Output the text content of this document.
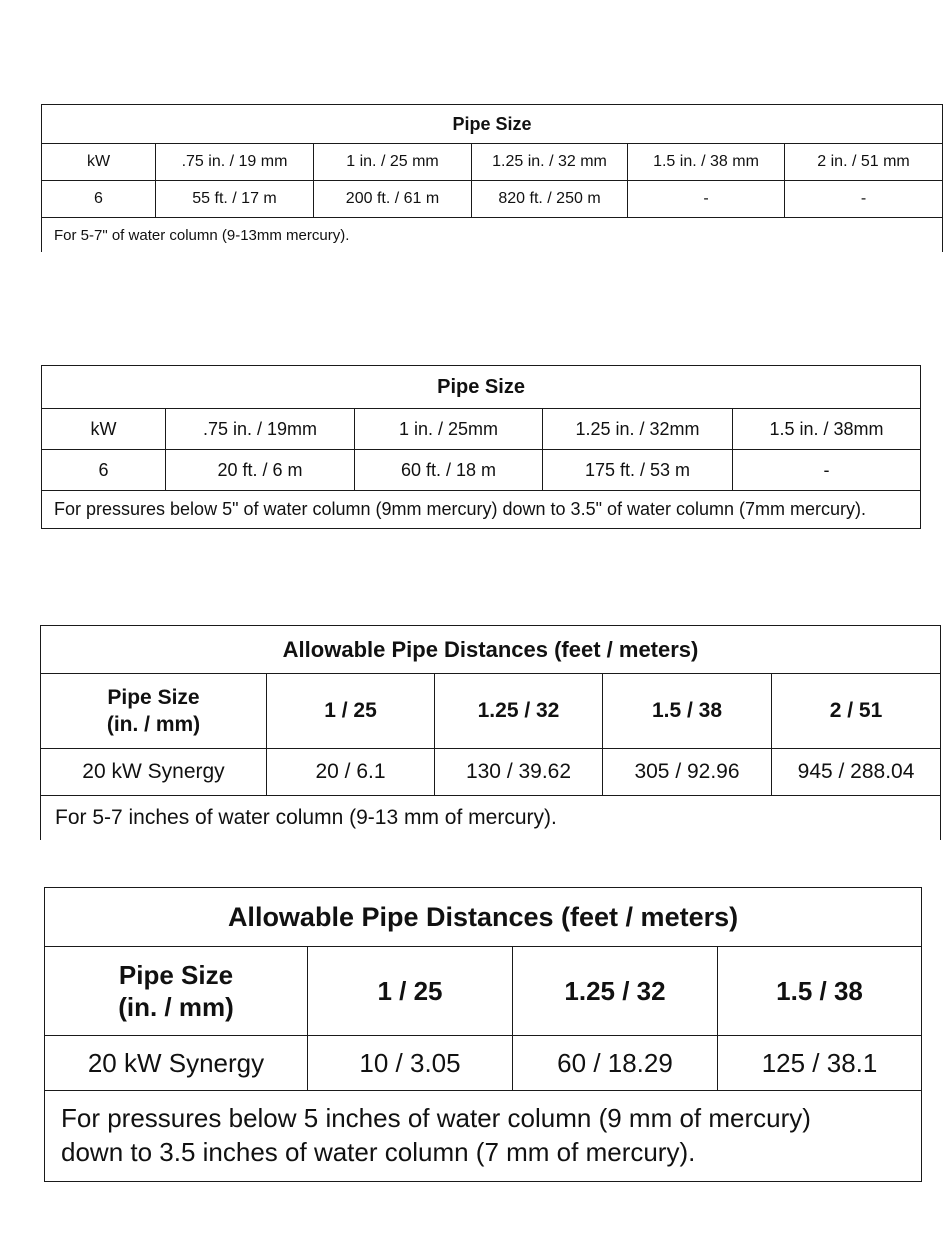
Pipe Size					
kW	.75 in. / 19 mm	1 in. / 25 mm	1.25 in. / 32 mm	1.5 in. / 38 mm	2 in. / 51 mm
6	55 ft. / 17 m	200 ft. / 61 m	820 ft. / 250 m	-	-
For 5-7" of water column (9-13mm mercury).					
Pipe Size				
kW	.75 in. / 19mm	1 in. / 25mm	1.25 in. / 32mm	1.5 in. / 38mm
6	20 ft. / 6 m	60 ft. / 18 m	175 ft. / 53 m	-
For pressures below 5" of water column (9mm mercury) down to 3.5" of water column (7mm mercury).				
Allowable Pipe Distances (feet / meters)				

Pipe Size
(in. / mm)	1 / 25	1.25 / 32	1.5 / 38	2 / 51
20 kW Synergy	20 / 6.1	130 / 39.62	305 / 92.96	945 / 288.04
For 5-7 inches of water column (9-13 mm of mercury).				
Allowable Pipe Distances (feet / meters)			

Pipe Size
(in. / mm)	1 / 25	1.25 / 32	1.5 / 38
20 kW Synergy	10 / 3.05	60 / 18.29	125 / 38.1

For pressures below 5 inches of water column (9 mm of mercury)
down to 3.5 inches of water column (7 mm of mercury).			
